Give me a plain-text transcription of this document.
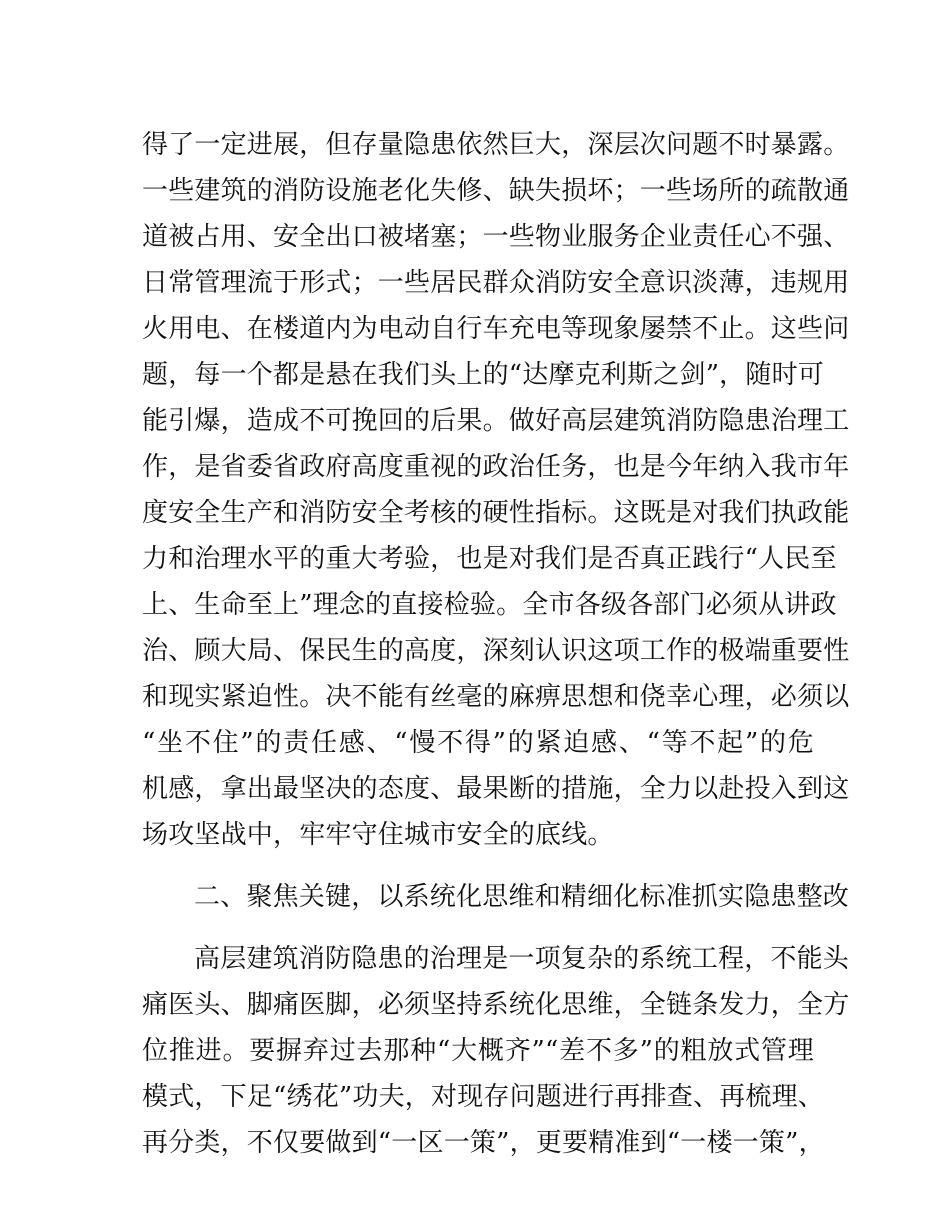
得了一定进展，但存量隐患依然巨大，深层次问题不时暴露。
一些建筑的消防设施老化失修、缺失损坏；一些场所的疏散通
道被占用、安全出口被堵塞；一些物业服务企业责任心不强、
日常管理流于形式；一些居民群众消防安全意识淡薄，违规用
火用电、在楼道内为电动自行车充电等现象屡禁不止。这些问
题，每一个都是悬在我们头上的“达摩克利斯之剑”，随时可
能引爆，造成不可挽回的后果。做好高层建筑消防隐患治理工
作，是省委省政府高度重视的政治任务，也是今年纳入我市年
度安全生产和消防安全考核的硬性指标。这既是对我们执政能
力和治理水平的重大考验，也是对我们是否真正践行“人民至
上、生命至上”理念的直接检验。全市各级各部门必须从讲政
治、顾大局、保民生的高度，深刻认识这项工作的极端重要性
和现实紧迫性。决不能有丝毫的麻痹思想和侥幸心理，必须以
“坐不住”的责任感、“慢不得”的紧迫感、“等不起”的危
机感，拿出最坚决的态度、最果断的措施，全力以赴投入到这
场攻坚战中，牢牢守住城市安全的底线。
二、聚焦关键，以系统化思维和精细化标准抓实隐患整改
高层建筑消防隐患的治理是一项复杂的系统工程，不能头
痛医头、脚痛医脚，必须坚持系统化思维，全链条发力，全方
位推进。要摒弃过去那种“大概齐”“差不多”的粗放式管理
模式，下足“绣花”功夫，对现存问题进行再排查、再梳理、
再分类，不仅要做到“一区一策”，更要精准到“一楼一策”，
